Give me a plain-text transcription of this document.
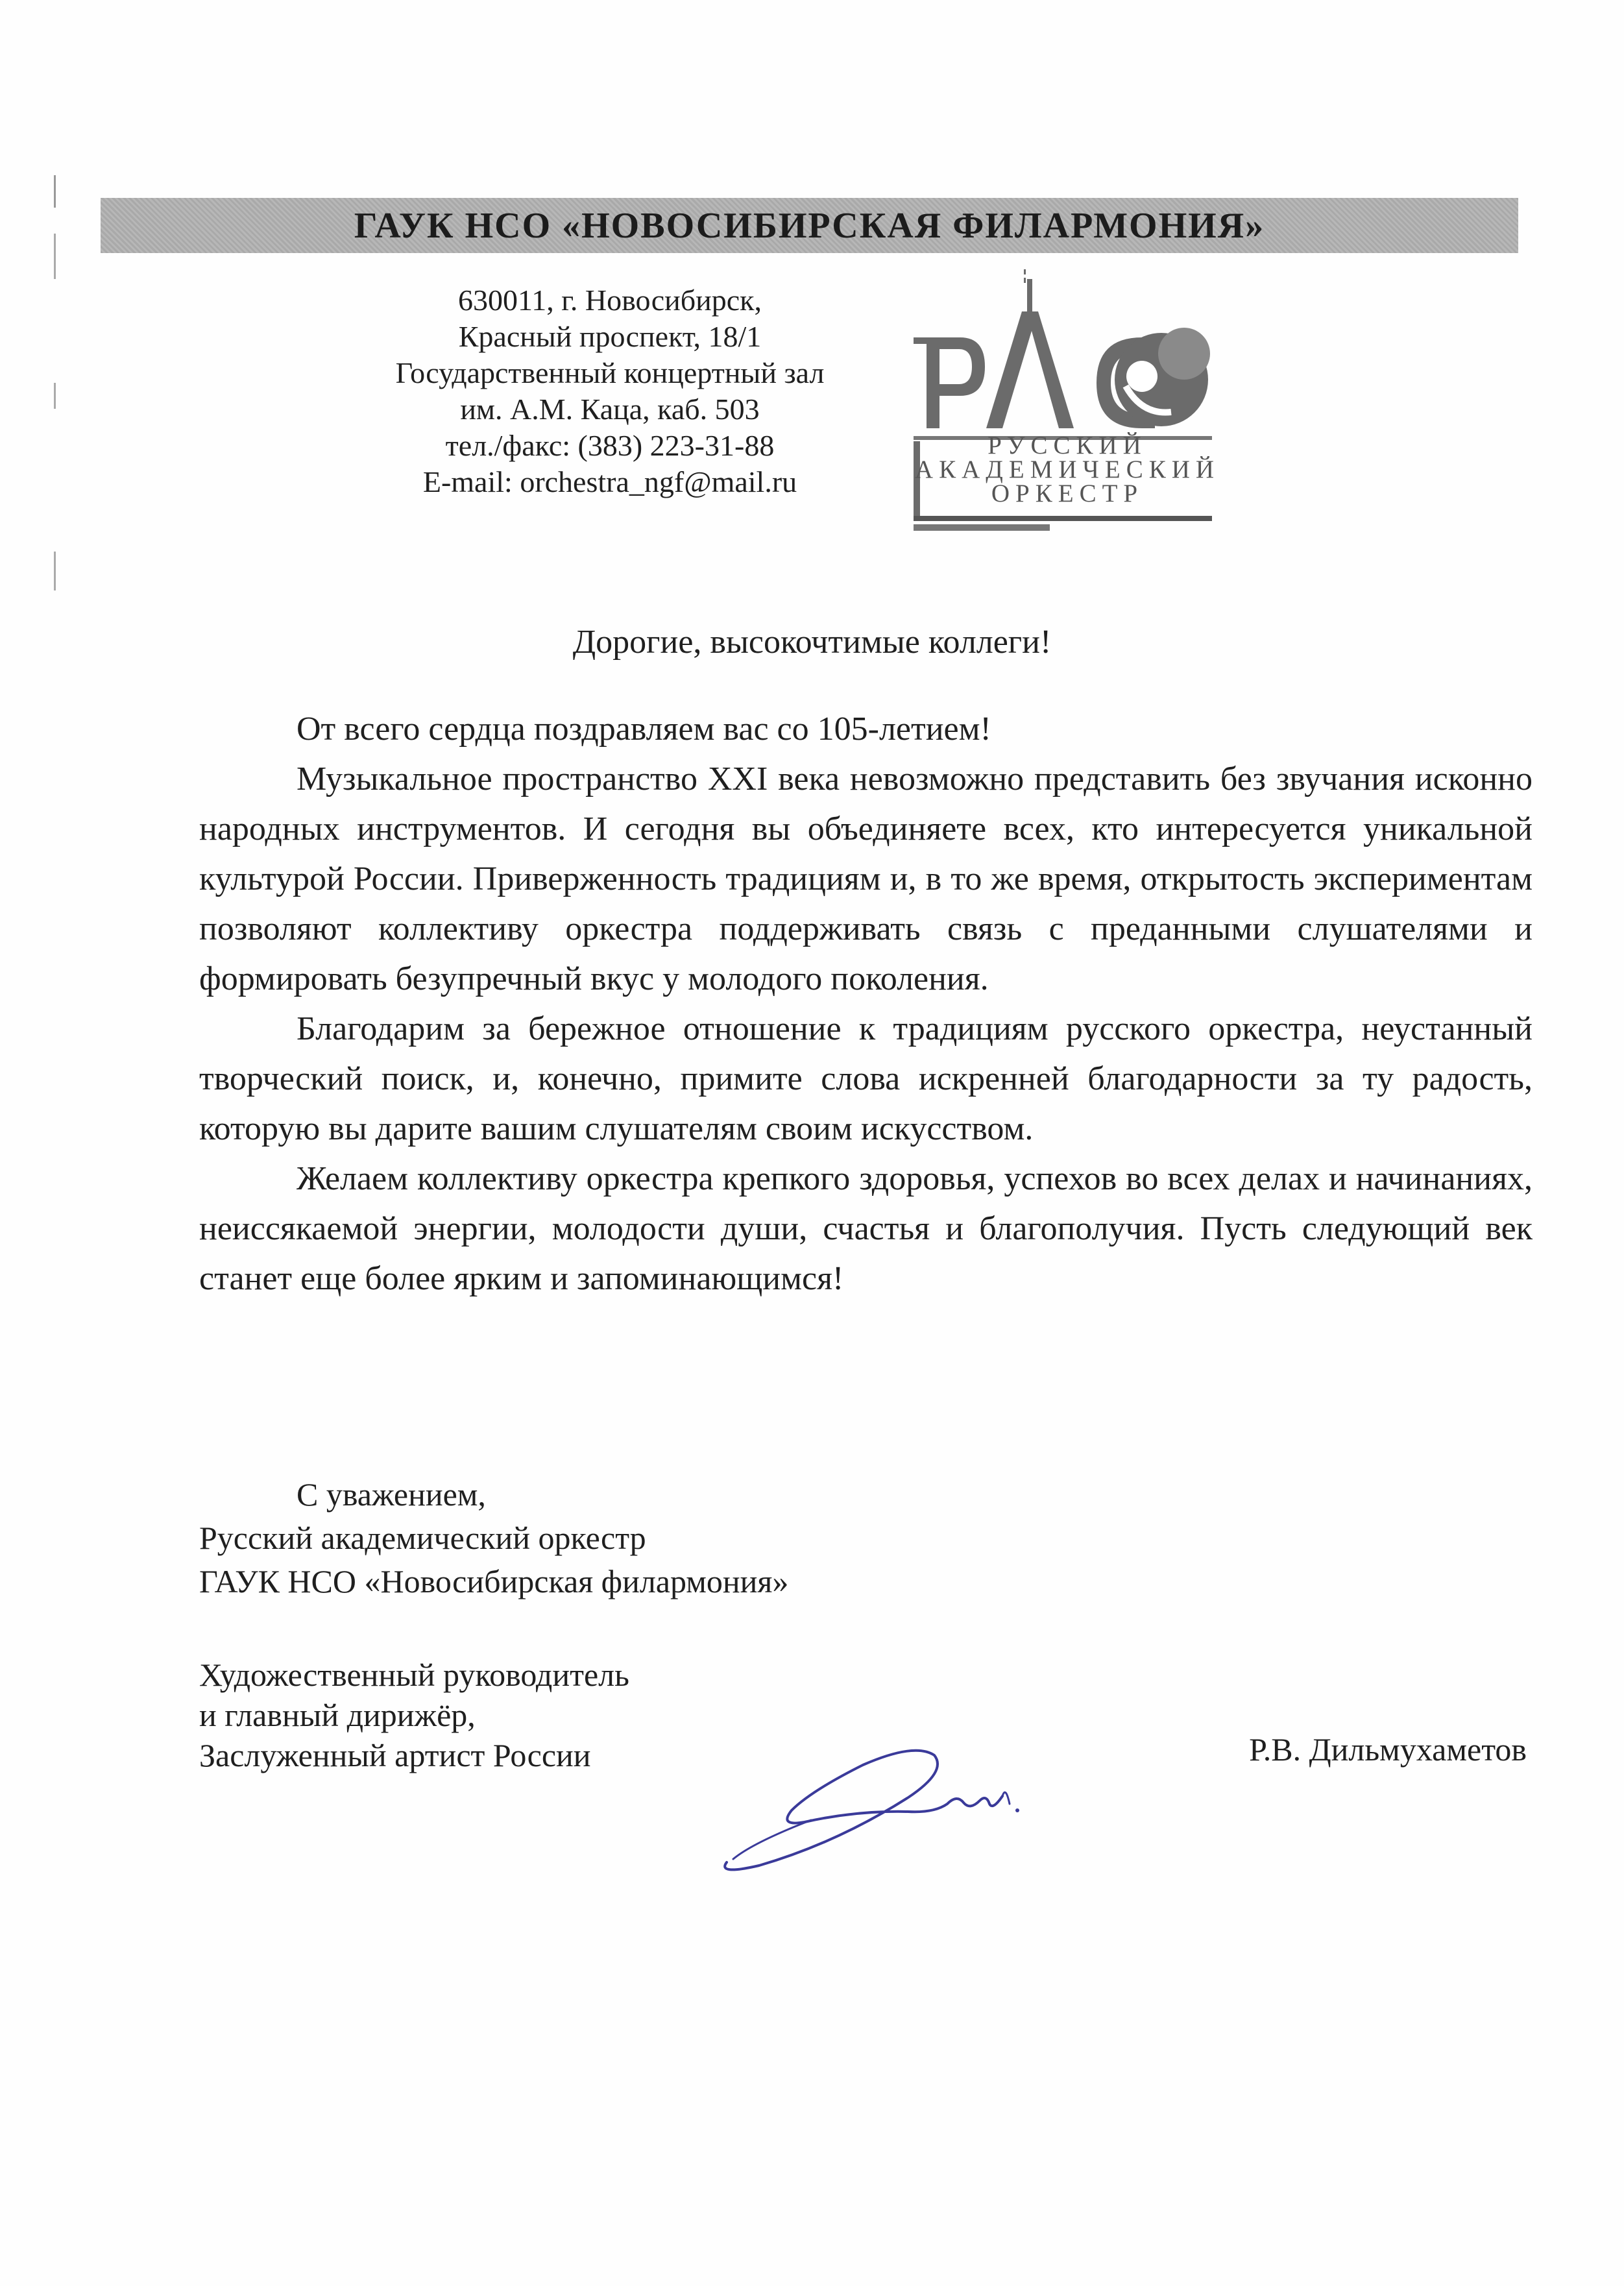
ГАУК НСО «НОВОСИБИРСКАЯ ФИЛАРМОНИЯ»
630011, г. Новосибирск,
Красный проспект, 18/1
Государственный концертный зал
им. А.М. Каца, каб. 503
тел./факс: (383) 223-31-88
E-mail: orchestra_ngf@mail.ru
РУССКИЙ
АКАДЕМИЧЕСКИЙ
ОРКЕСТР
Дорогие, высокочтимые коллеги!

От всего сердца поздравляем вас со 105-летием!

Музыкальное пространство XXI века невозможно представить без звучания исконно народных инструментов. И сегодня вы объединяете всех, кто интересуется уникальной культурой России. Приверженность традициям и, в то же время, открытость экспериментам позволяют коллективу оркестра поддерживать связь с преданными слушателями и формировать безупречный вкус у молодого поколения.

Благодарим за бережное отношение к традициям русского оркестра, неустанный творческий поиск, и, конечно, примите слова искренней благодарности за ту радость, которую вы дарите вашим слушателям своим искусством.

Желаем коллективу оркестра крепкого здоровья, успехов во всех делах и начинаниях, неиссякаемой энергии, молодости души, счастья и благополучия. Пусть следующий век станет еще более ярким и запоминающимся!

С уважением,
Русский академический оркестр
ГАУК НСО «Новосибирская филармония»
Художественный руководитель
и главный дирижёр,
Заслуженный артист России	Р.В. Дильмухаметов
